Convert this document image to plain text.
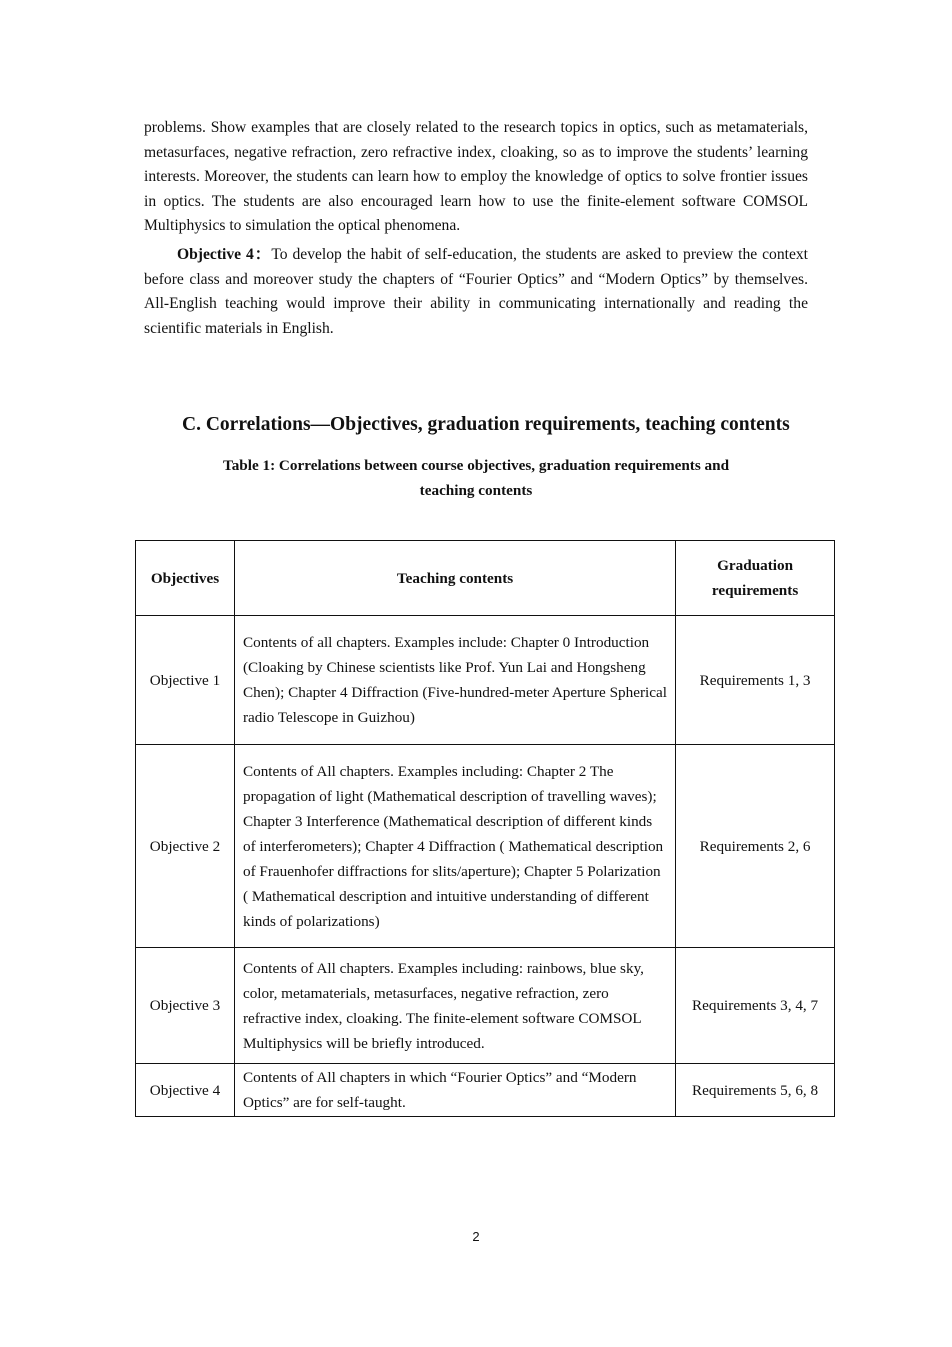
problems. Show examples that are closely related to the research topics in optics, such as metamaterials, metasurfaces, negative refraction, zero refractive index, cloaking, so as to improve the students’ learning interests. Moreover, the students can learn how to employ the knowledge of optics to solve frontier issues in optics. The students are also encouraged learn how to use the finite-element software COMSOL Multiphysics to simulation the optical phenomena.

Objective 4：To develop the habit of self-education, the students are asked to preview the context before class and moreover study the chapters of “Fourier Optics” and “Modern Optics” by themselves. All-English teaching would improve their ability in communicating internationally and reading the scientific materials in English.

C. Correlations—Objectives, graduation requirements, teaching contents

Table 1: Correlations between course objectives, graduation requirements and
teaching contents

Objectives	Teaching contents	Graduation
requirements
Objective 1	Contents of all chapters. Examples include: Chapter 0 Introduction (Cloaking by Chinese scientists like Prof. Yun Lai and Hongsheng Chen); Chapter 4 Diffraction (Five-hundred-meter Aperture Spherical radio Telescope in Guizhou)	Requirements 1, 3
Objective 2	Contents of All chapters. Examples including: Chapter 2 The propagation of light (Mathematical description of travelling waves); Chapter 3 Interference (Mathematical description of different kinds of interferometers); Chapter 4 Diffraction ( Mathematical description of Frauenhofer diffractions for slits/aperture); Chapter 5 Polarization ( Mathematical description and intuitive understanding of different kinds of polarizations)	Requirements 2, 6
Objective 3	Contents of All chapters. Examples including: rainbows, blue sky, color, metamaterials, metasurfaces, negative refraction, zero refractive index, cloaking. The finite-element software COMSOL Multiphysics will be briefly introduced.	Requirements 3, 4, 7
Objective 4	Contents of All chapters in which “Fourier Optics” and “Modern Optics” are for self-taught.	Requirements 5, 6, 8
2
